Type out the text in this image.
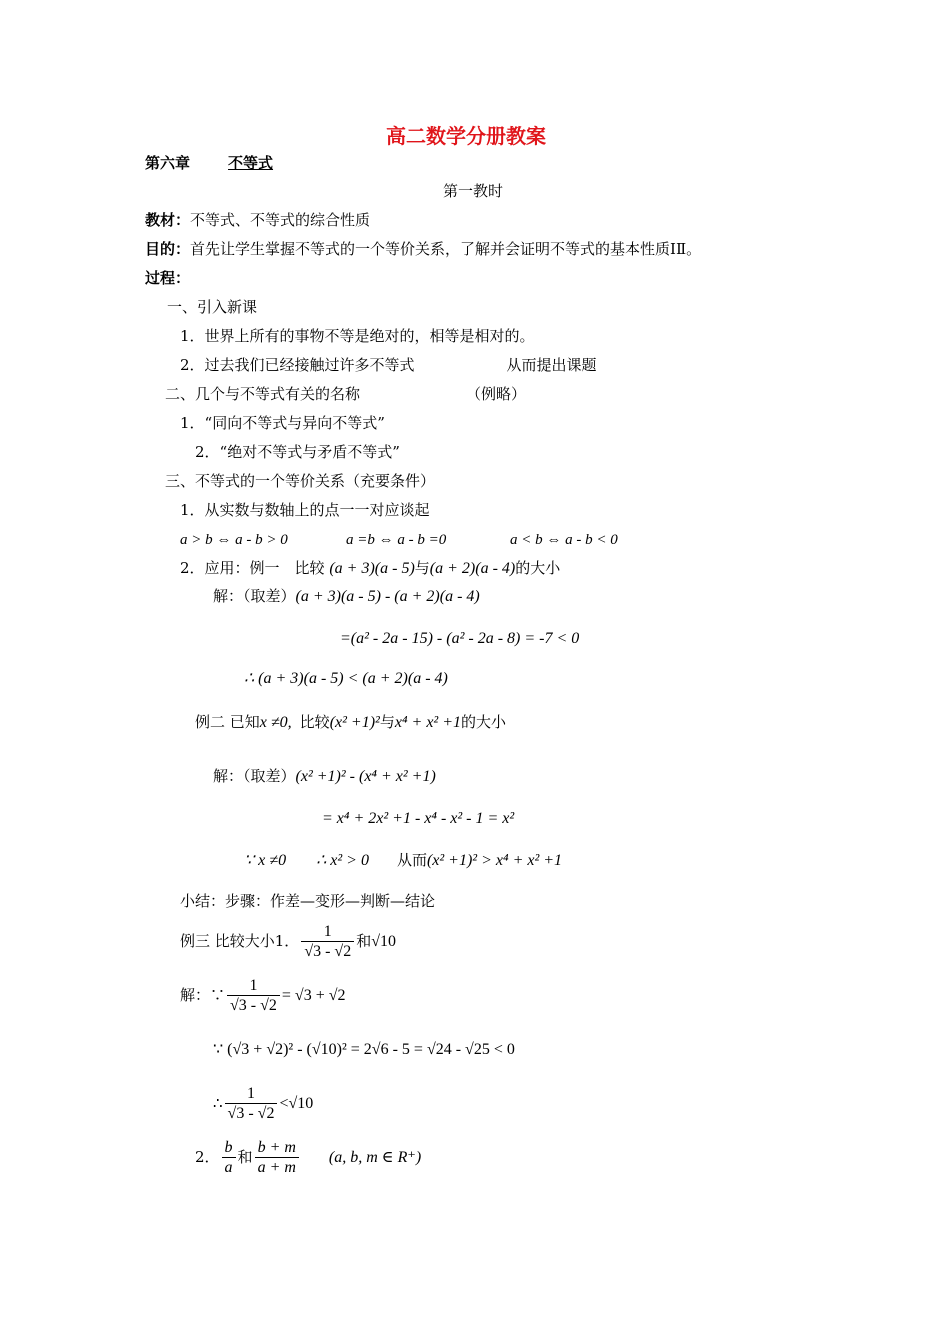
高二数学分册教案
第六章	不等式
第一教时
教材：不等式、不等式的综合性质
目的：首先让学生掌握不等式的一个等价关系，了解并会证明不等式的基本性质ⅠⅡ。
过程：
一、引入新课
1．世界上所有的事物不等是绝对的，相等是相对的。
2．过去我们已经接触过许多不等式	从而提出课题
二、几个与不等式有关的名称	（例略）
1．“同向不等式与异向不等式”
2．“绝对不等式与矛盾不等式”
三、不等式的一个等价关系（充要条件）
1．从实数与数轴上的点一一对应谈起
a > b ⇔ a - b > 0	a =b ⇔ a - b =0	a < b ⇔ a - b < 0
2．应用：例一　比较 (a + 3)(a - 5)与(a + 2)(a - 4)的大小
解：（取差）(a + 3)(a - 5) - (a + 2)(a - 4)
=(a² - 2a - 15) - (a² - 2a - 8) = -7 < 0
∴ (a + 3)(a - 5) < (a + 2)(a - 4)
例二 已知x ≠0, 比较(x² +1)²与x⁴ + x² +1的大小
解：（取差）(x² +1)² - (x⁴ + x² +1)
= x⁴ + 2x² +1 - x⁴ - x² - 1 = x²
∵ x ≠0 ∴ x² > 0 从而(x² +1)² > x⁴ + x² +1
小结：步骤：作差—变形—判断—结论
例三 比较大小1． $\frac{1}{√3 - √2}$ 和√10
解：∵ $\frac{1}{√3 - √2} = √3 + √2$
∵ (√3 + √2)² - (√10)² = 2√6 - 5 = √24 - √25 < 0
∴ $\frac{1}{√3 - √2} <√10$
2． $\frac{b}{a}$ 和 $\frac{b + m}{a + m} (a$, b, m ∈ R⁺)
